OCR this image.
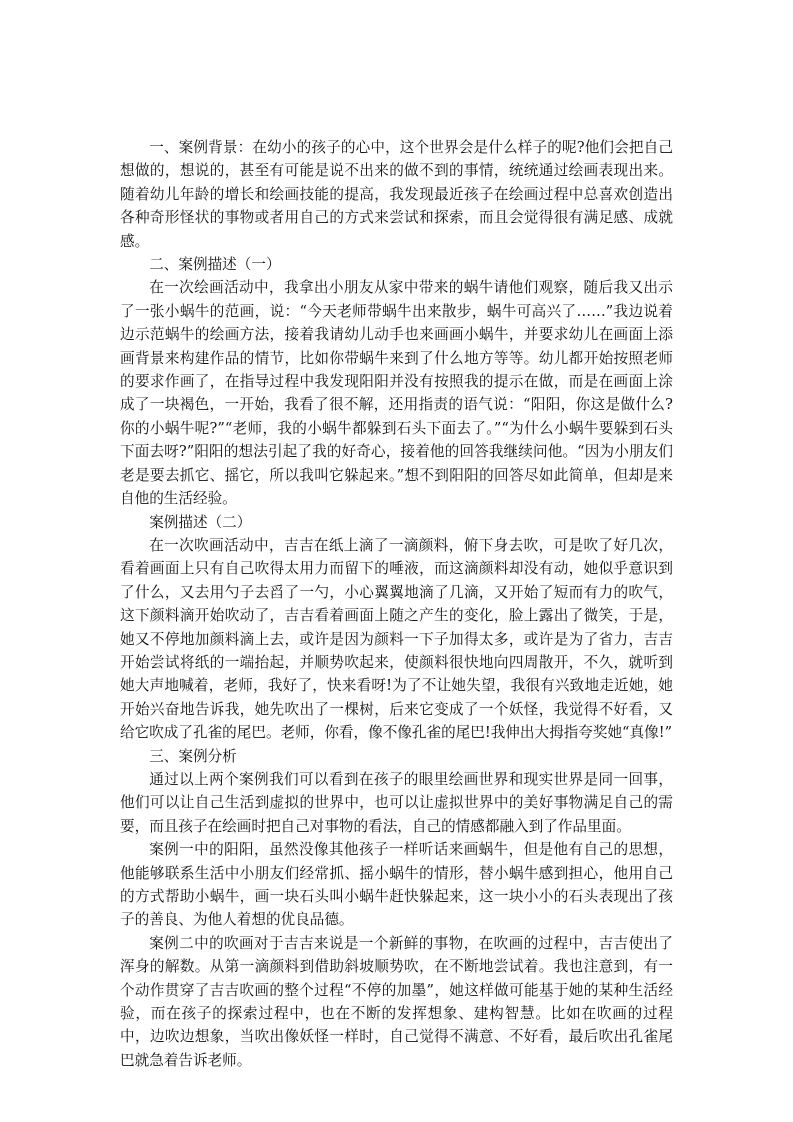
一、案例背景：在幼小的孩子的心中，这个世界会是什么样子的呢?他们会把自己想做的，想说的，甚至有可能是说不出来的做不到的事情，统统通过绘画表现出来。随着幼儿年龄的增长和绘画技能的提高，我发现最近孩子在绘画过程中总喜欢创造出各种奇形怪状的事物或者用自己的方式来尝试和探索，而且会觉得很有满足感、成就感。

二、案例描述（一）

在一次绘画活动中，我拿出小朋友从家中带来的蜗牛请他们观察，随后我又出示了一张小蜗牛的范画，说：“今天老师带蜗牛出来散步，蜗牛可高兴了……”我边说着边示范蜗牛的绘画方法，接着我请幼儿动手也来画画小蜗牛，并要求幼儿在画面上添画背景来构建作品的情节，比如你带蜗牛来到了什么地方等等。幼儿都开始按照老师的要求作画了，在指导过程中我发现阳阳并没有按照我的提示在做，而是在画面上涂成了一块褐色，一开始，我看了很不解，还用指责的语气说：“阳阳，你这是做什么?你的小蜗牛呢?”“老师，我的小蜗牛都躲到石头下面去了。”“为什么小蜗牛要躲到石头下面去呀?”阳阳的想法引起了我的好奇心，接着他的回答我继续问他。“因为小朋友们老是要去抓它、摇它，所以我叫它躲起来。”想不到阳阳的回答尽如此简单，但却是来自他的生活经验。

案例描述（二）

在一次吹画活动中，吉吉在纸上滴了一滴颜料，俯下身去吹，可是吹了好几次，看着画面上只有自己吹得太用力而留下的唾液，而这滴颜料却没有动，她似乎意识到了什么，又去用勺子去舀了一勺，小心翼翼地滴了几滴，又开始了短而有力的吹气，这下颜料滴开始吹动了，吉吉看着画面上随之产生的变化，脸上露出了微笑，于是，她又不停地加颜料滴上去，或许是因为颜料一下子加得太多，或许是为了省力，吉吉开始尝试将纸的一端抬起，并顺势吹起来，使颜料很快地向四周散开，不久，就听到她大声地喊着，老师，我好了，快来看呀!为了不让她失望，我很有兴致地走近她，她开始兴奋地告诉我，她先吹出了一棵树，后来它变成了一个妖怪，我觉得不好看，又给它吹成了孔雀的尾巴。老师，你看，像不像孔雀的尾巴!我伸出大拇指夸奖她“真像!”

三、案例分析

通过以上两个案例我们可以看到在孩子的眼里绘画世界和现实世界是同一回事，他们可以让自己生活到虚拟的世界中，也可以让虚拟世界中的美好事物满足自己的需要，而且孩子在绘画时把自己对事物的看法，自己的情感都融入到了作品里面。

案例一中的阳阳，虽然没像其他孩子一样听话来画蜗牛，但是他有自己的思想，他能够联系生活中小朋友们经常抓、摇小蜗牛的情形，替小蜗牛感到担心，他用自己的方式帮助小蜗牛，画一块石头叫小蜗牛赶快躲起来，这一块小小的石头表现出了孩子的善良、为他人着想的优良品德。

案例二中的吹画对于吉吉来说是一个新鲜的事物，在吹画的过程中，吉吉使出了浑身的解数。从第一滴颜料到借助斜坡顺势吹，在不断地尝试着。我也注意到，有一个动作贯穿了吉吉吹画的整个过程“不停的加墨”，她这样做可能基于她的某种生活经验，而在孩子的探索过程中，也在不断的发挥想象、建构智慧。比如在吹画的过程中，边吹边想象，当吹出像妖怪一样时，自己觉得不满意、不好看，最后吹出孔雀尾巴就急着告诉老师。
